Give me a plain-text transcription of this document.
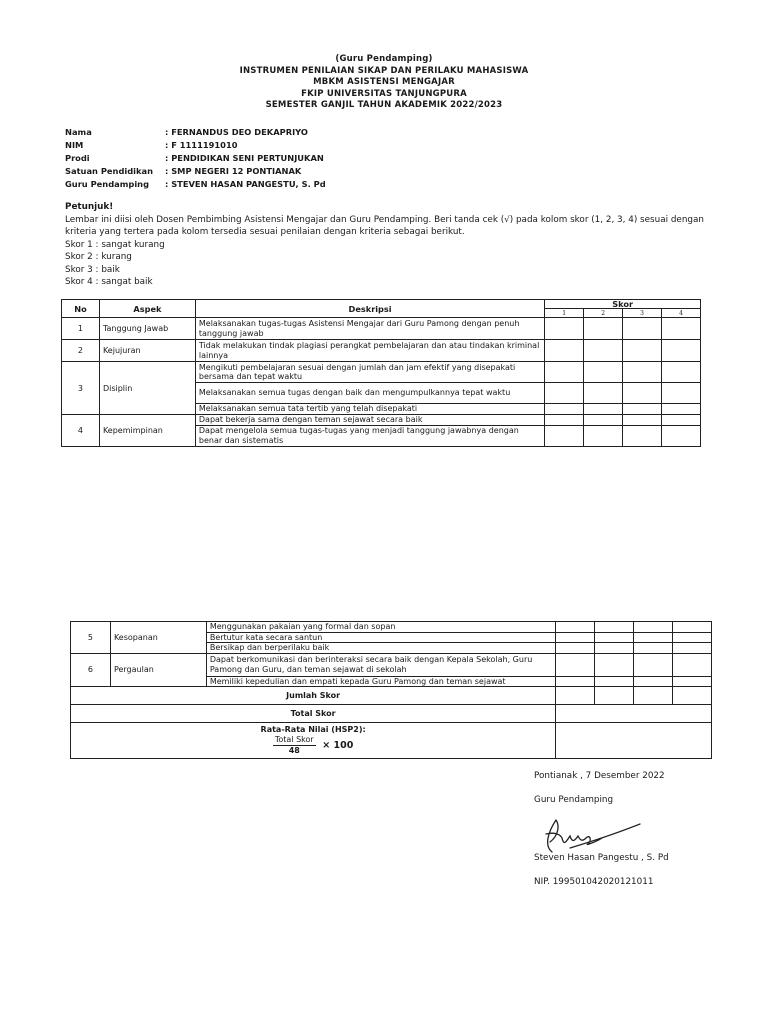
(Guru Pendamping)
INSTRUMEN PENILAIAN SIKAP DAN PERILAKU MAHASISWA
MBKM ASISTENSI MENGAJAR
FKIP UNIVERSITAS TANJUNGPURA
SEMESTER GANJIL TAHUN AKADEMIK 2022/2023
Nama	: FERNANDUS DEO DEKAPRIYO
NIM	: F 1111191010
Prodi	: PENDIDIKAN SENI PERTUNJUKAN
Satuan Pendidikan	: SMP NEGERI 12 PONTIANAK
Guru Pendamping	: STEVEN HASAN PANGESTU, S. Pd
Petunjuk!
Lembar ini diisi oleh Dosen Pembimbing Asistensi Mengajar dan Guru Pendamping. Beri tanda cek (√) pada kolom skor (1, 2, 3, 4) sesuai dengan kriteria yang tertera pada kolom tersedia sesuai penilaian dengan kriteria sebagai berikut.
Skor 1 : sangat kurang
Skor 2 : kurang
Skor 3 : baik
Skor 4 : sangat baik
No	Aspek	Deskripsi	Skor			
			1	2	3	4
1	Tanggung Jawab	Melaksanakan tugas-tugas Asistensi Mengajar dari Guru Pamong dengan penuh tanggung jawab				
2	Kejujuran	Tidak melakukan tindak plagiasi perangkat pembelajaran dan atau tindakan kriminal lainnya				
3	Disiplin	Mengikuti pembelajaran sesuai dengan jumlah dan jam efektif yang disepakati bersama dan tepat waktu				
		Melaksanakan semua tugas dengan baik dan mengumpulkannya tepat waktu				
		Melaksanakan semua tata tertib yang telah disepakati				
4	Kepemimpinan	Dapat bekerja sama dengan teman sejawat secara baik				
		Dapat mengelola semua tugas-tugas yang menjadi tanggung jawabnya dengan benar dan sistematis				
5	Kesopanan	Menggunakan pakaian yang formal dan sopan				
		Bertutur kata secara santun				
		Bersikap dan berperilaku baik				
6	Pergaulan	Dapat berkomunikasi dan berinteraksi secara baik dengan Kepala Sekolah, Guru Pamong dan Guru, dan teman sejawat di sekolah				
		Memiliki kepedulian dan empati kepada Guru Pamong dan teman sejawat				
Jumlah Skor						
Total Skor						

Rata-Rata Nilai (HSP2):
$\frac{\text{Total Skor}}{48} \times 100$						
Pontianak , 7 Desember 2022
Guru Pendamping
Steven Hasan Pangestu , S. Pd
NIP. 199501042020121011
